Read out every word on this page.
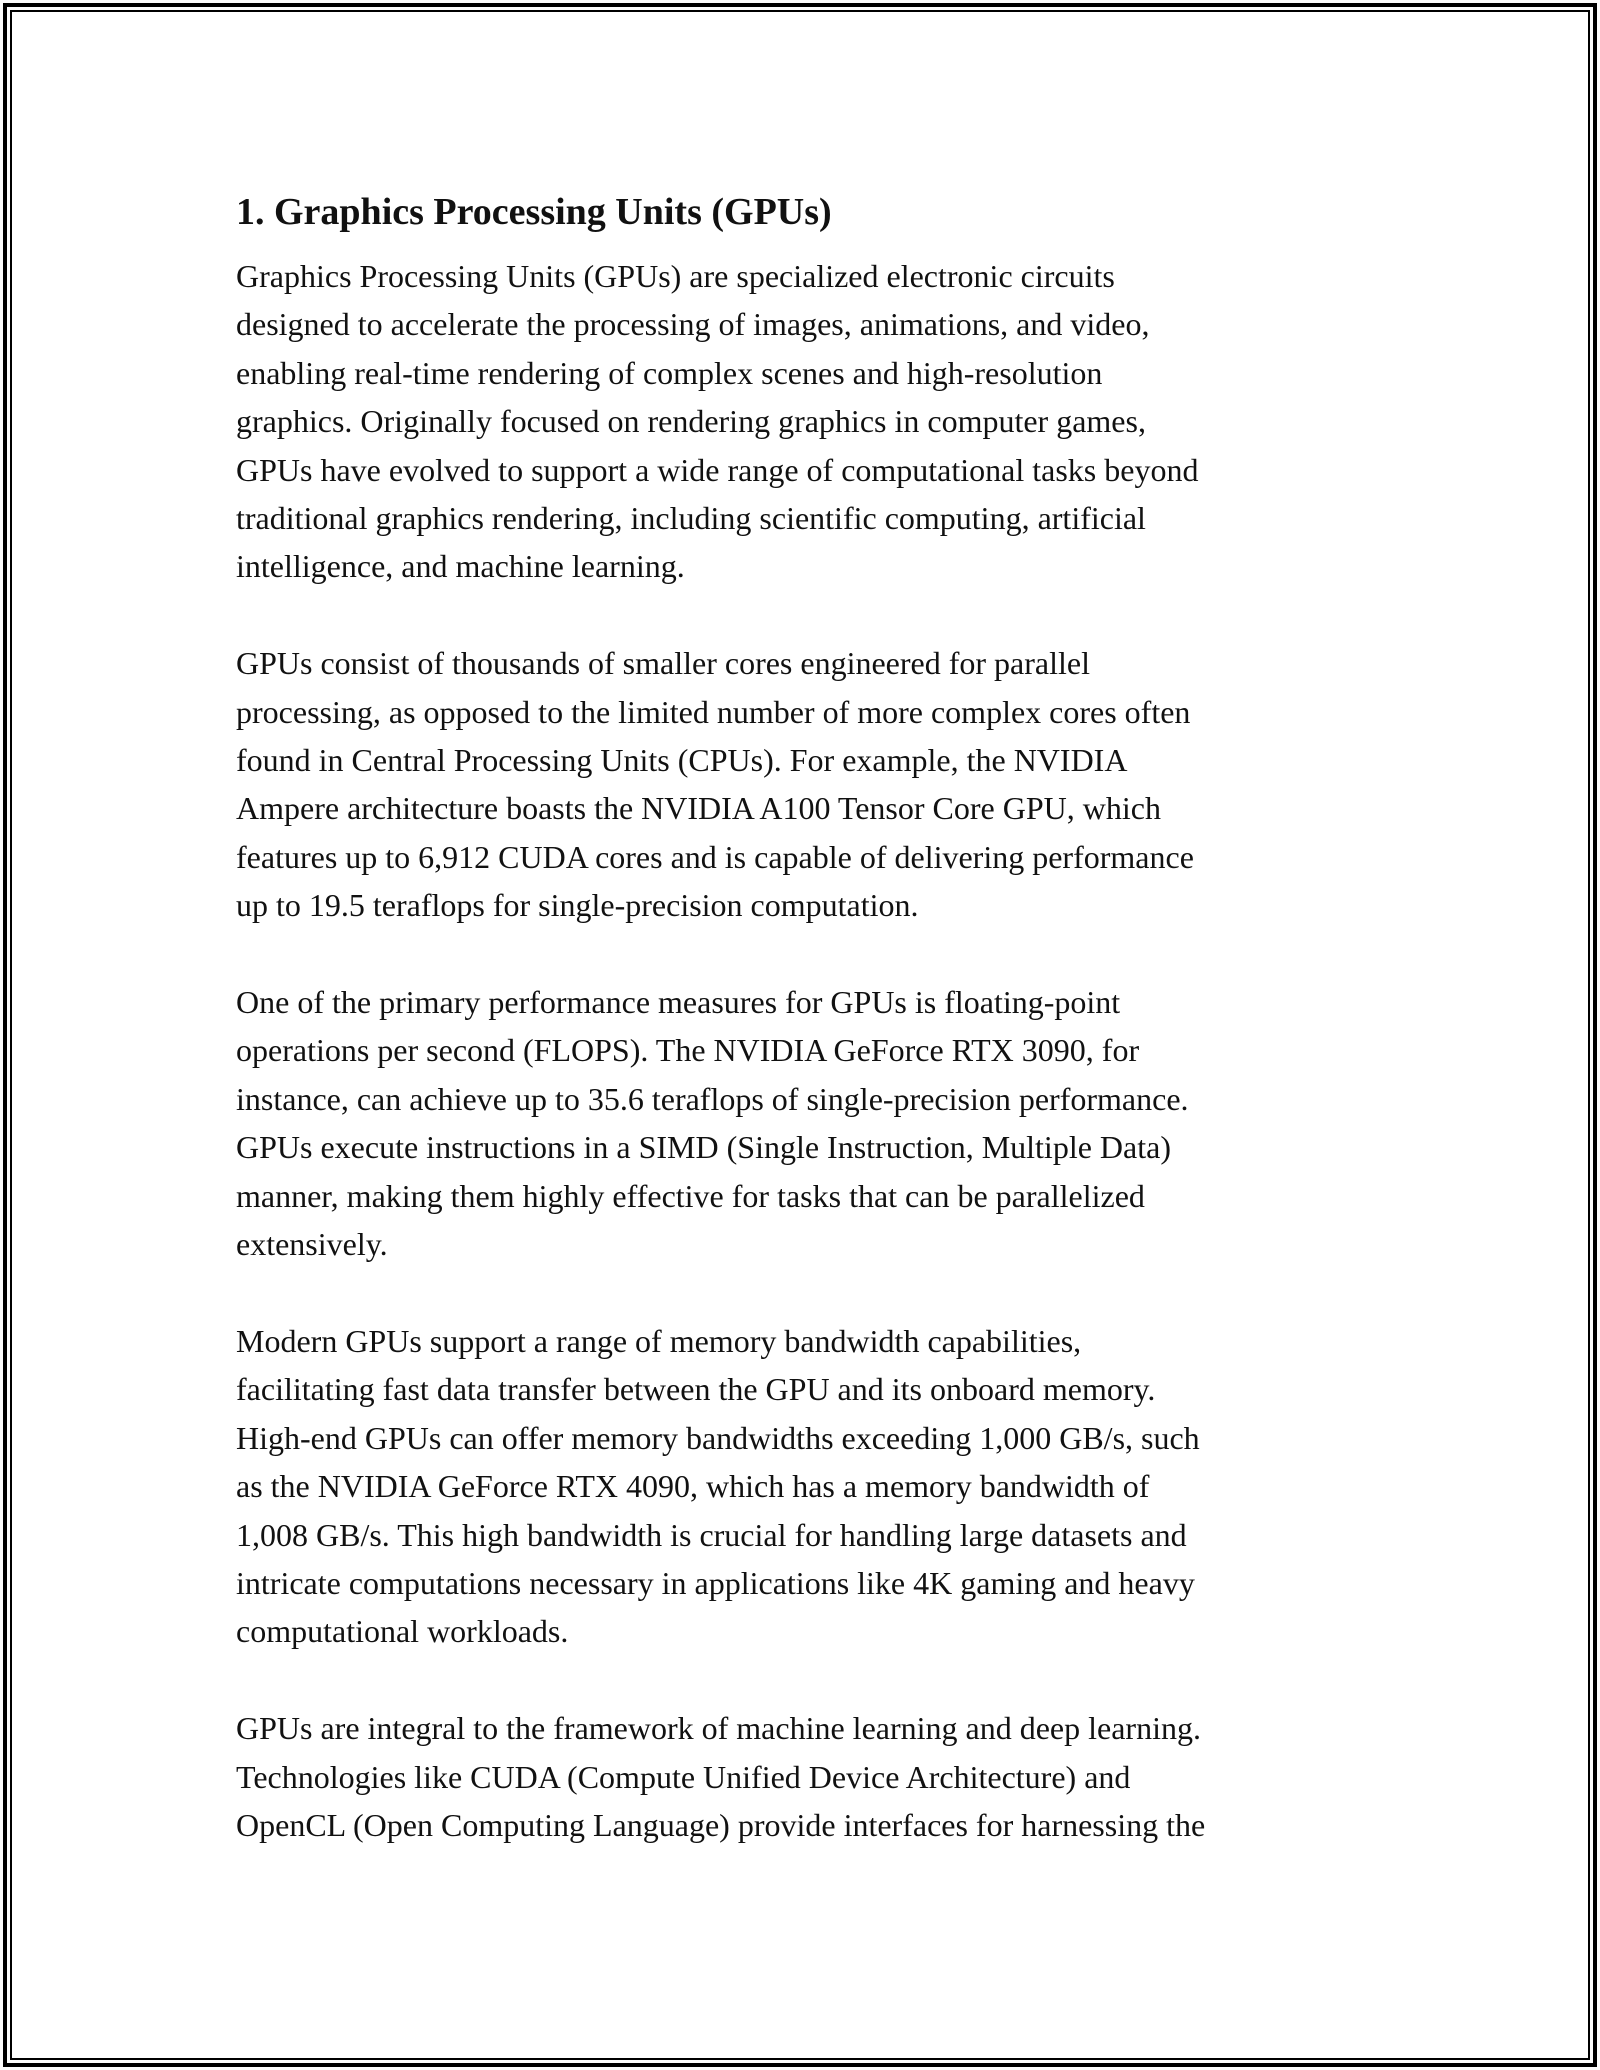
1. Graphics Processing Units (GPUs)
Graphics Processing Units (GPUs) are specialized electronic circuits
designed to accelerate the processing of images, animations, and video,
enabling real-time rendering of complex scenes and high-resolution
graphics. Originally focused on rendering graphics in computer games,
GPUs have evolved to support a wide range of computational tasks beyond
traditional graphics rendering, including scientific computing, artificial
intelligence, and machine learning.
GPUs consist of thousands of smaller cores engineered for parallel
processing, as opposed to the limited number of more complex cores often
found in Central Processing Units (CPUs). For example, the NVIDIA
Ampere architecture boasts the NVIDIA A100 Tensor Core GPU, which
features up to 6,912 CUDA cores and is capable of delivering performance
up to 19.5 teraflops for single-precision computation.
One of the primary performance measures for GPUs is floating-point
operations per second (FLOPS). The NVIDIA GeForce RTX 3090, for
instance, can achieve up to 35.6 teraflops of single-precision performance.
GPUs execute instructions in a SIMD (Single Instruction, Multiple Data)
manner, making them highly effective for tasks that can be parallelized
extensively.
Modern GPUs support a range of memory bandwidth capabilities,
facilitating fast data transfer between the GPU and its onboard memory.
High-end GPUs can offer memory bandwidths exceeding 1,000 GB/s, such
as the NVIDIA GeForce RTX 4090, which has a memory bandwidth of
1,008 GB/s. This high bandwidth is crucial for handling large datasets and
intricate computations necessary in applications like 4K gaming and heavy
computational workloads.
GPUs are integral to the framework of machine learning and deep learning.
Technologies like CUDA (Compute Unified Device Architecture) and
OpenCL (Open Computing Language) provide interfaces for harnessing the
